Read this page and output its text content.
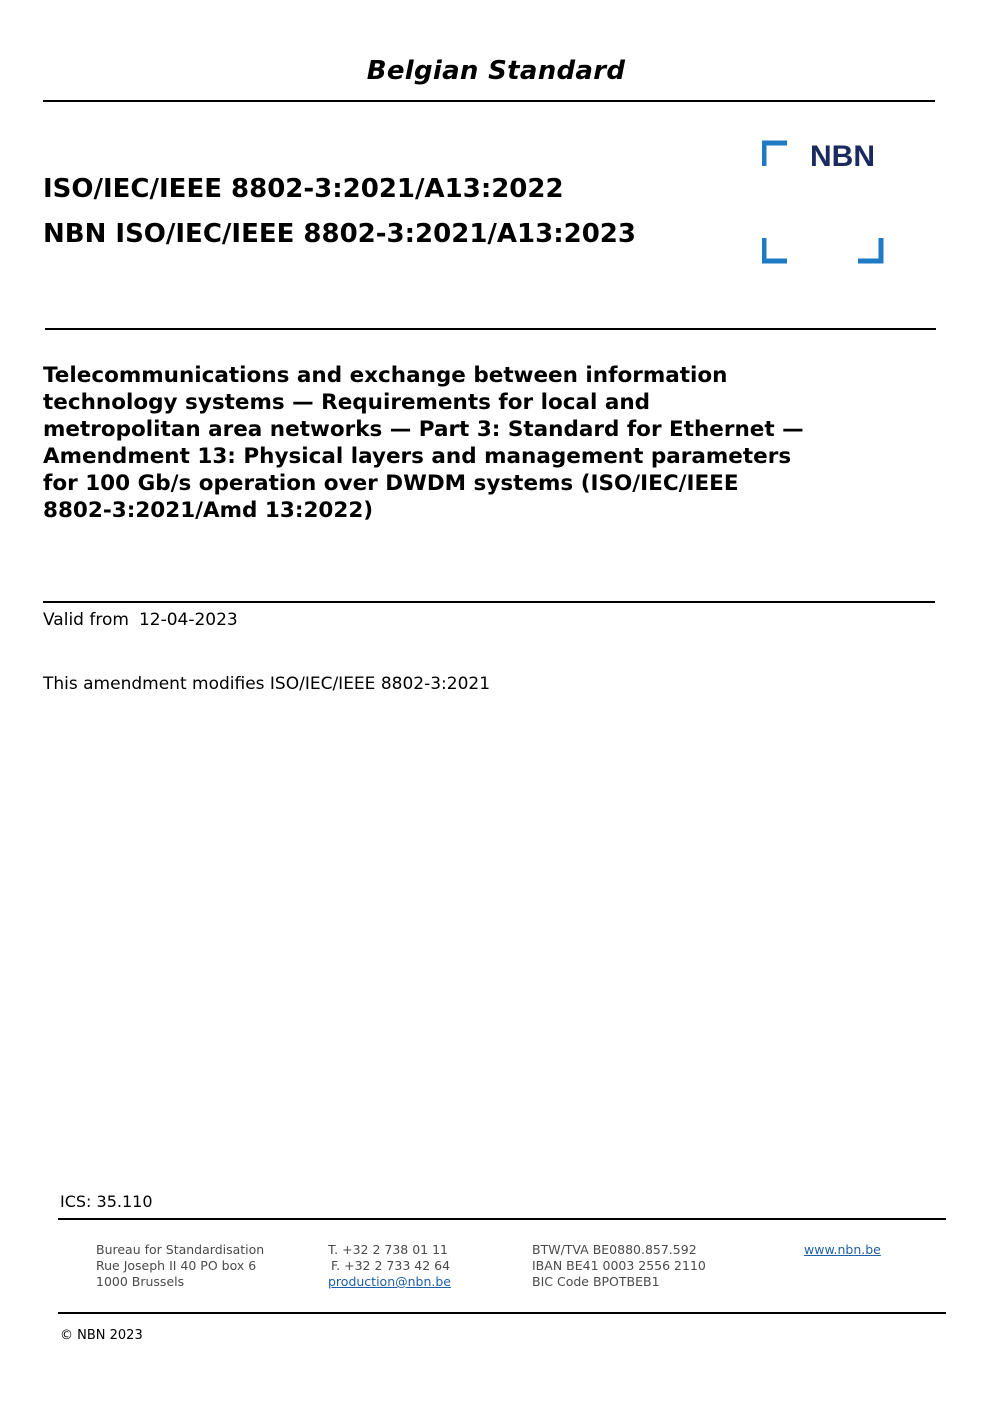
Belgian Standard
ISO/IEC/IEEE 8802-3:2021/A13:2022
NBN ISO/IEC/IEEE 8802-3:2021/A13:2023
NBN
Telecommunications and exchange between information
technology systems — Requirements for local and
metropolitan area networks — Part 3: Standard for Ethernet —
Amendment 13: Physical layers and management parameters
for 100 Gb/s operation over DWDM systems (ISO/IEC/IEEE
8802-3:2021/Amd 13:2022)
Valid from 12-04-2023
This amendment modifies ISO/IEC/IEEE 8802-3:2021
ICS: 35.110
Bureau for Standardisation
Rue Joseph II 40 PO box 6
1000 Brussels
T. +32 2 738 01 11
F. +32 2 733 42 64
production@nbn.be
BTW/TVA BE0880.857.592
IBAN BE41 0003 2556 2110
BIC Code BPOTBEB1
www.nbn.be
© NBN 2023
